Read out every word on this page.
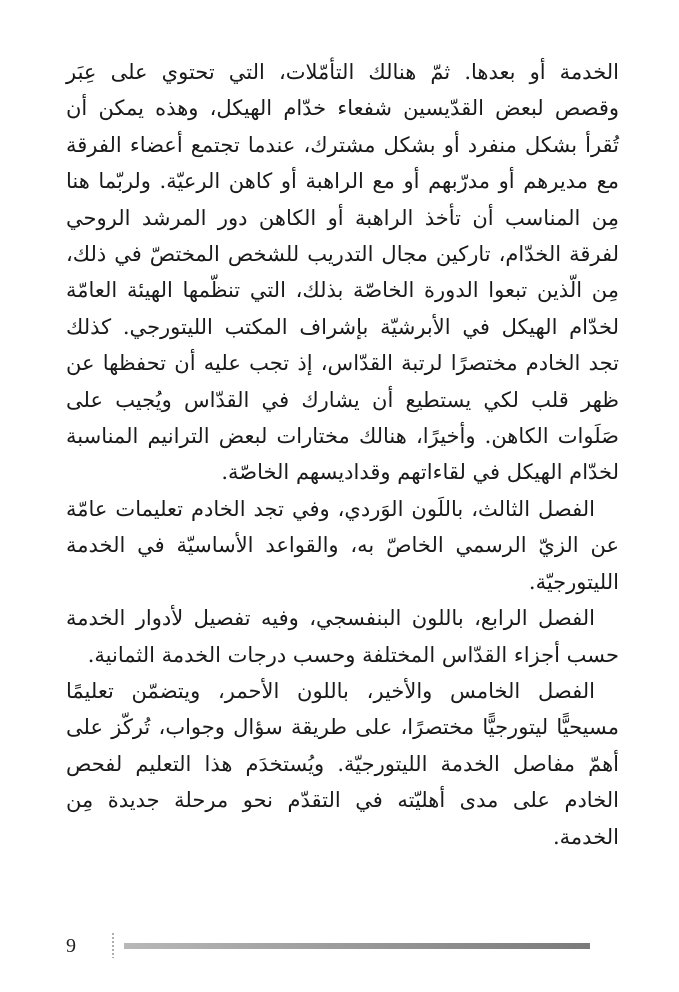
الخدمة أو بعدها. ثمّ هنالك التأمّلات، التي تحتوي على عِبَر وقصص لبعض القدّيسين شفعاء خدّام الهيكل، وهذه يمكن أن تُقرأ بشكل منفرد أو بشكل مشترك، عندما تجتمع أعضاء الفرقة مع مديرهم أو مدرّبهم أو مع الراهبة أو كاهن الرعيّة. ولربّما هنا مِن المناسب أن تأخذ الراهبة أو الكاهن دور المرشد الروحي لفرقة الخدّام، تاركين مجال التدريب للشخص المختصّ في ذلك، مِن الّذين تبعوا الدورة الخاصّة بذلك، التي تنظّمها الهيئة العامّة لخدّام الهيكل في الأبرشيّة بإشراف المكتب الليتورجي. كذلك تجد الخادم مختصرًا لرتبة القدّاس، إذ تجب عليه أن تحفظها عن ظهر قلب لكي يستطيع أن يشارك في القدّاس ويُجيب على صَلَوات الكاهن. وأخيرًا، هنالك مختارات لبعض الترانيم المناسبة لخدّام الهيكل في لقاءاتهم وقداديسهم الخاصّة.

الفصل الثالث، باللَون الوَردي، وفي تجد الخادم تعليمات عامّة عن الزيّ الرسمي الخاصّ به، والقواعد الأساسيّة في الخدمة الليتورجيّة.

الفصل الرابع، باللون البنفسجي، وفيه تفصيل لأدوار الخدمة حسب أجزاء القدّاس المختلفة وحسب درجات الخدمة الثمانية.

الفصل الخامس والأخير، باللون الأحمر، ويتضمّن تعليمًا مسيحيًّا ليتورجيًّا مختصرًا، على طريقة سؤال وجواب، تُركّز على أهمّ مفاصل الخدمة الليتورجيّة. ويُستخدَم هذا التعليم لفحص الخادم على مدى أهليّته في التقدّم نحو مرحلة جديدة مِن الخدمة.

9
